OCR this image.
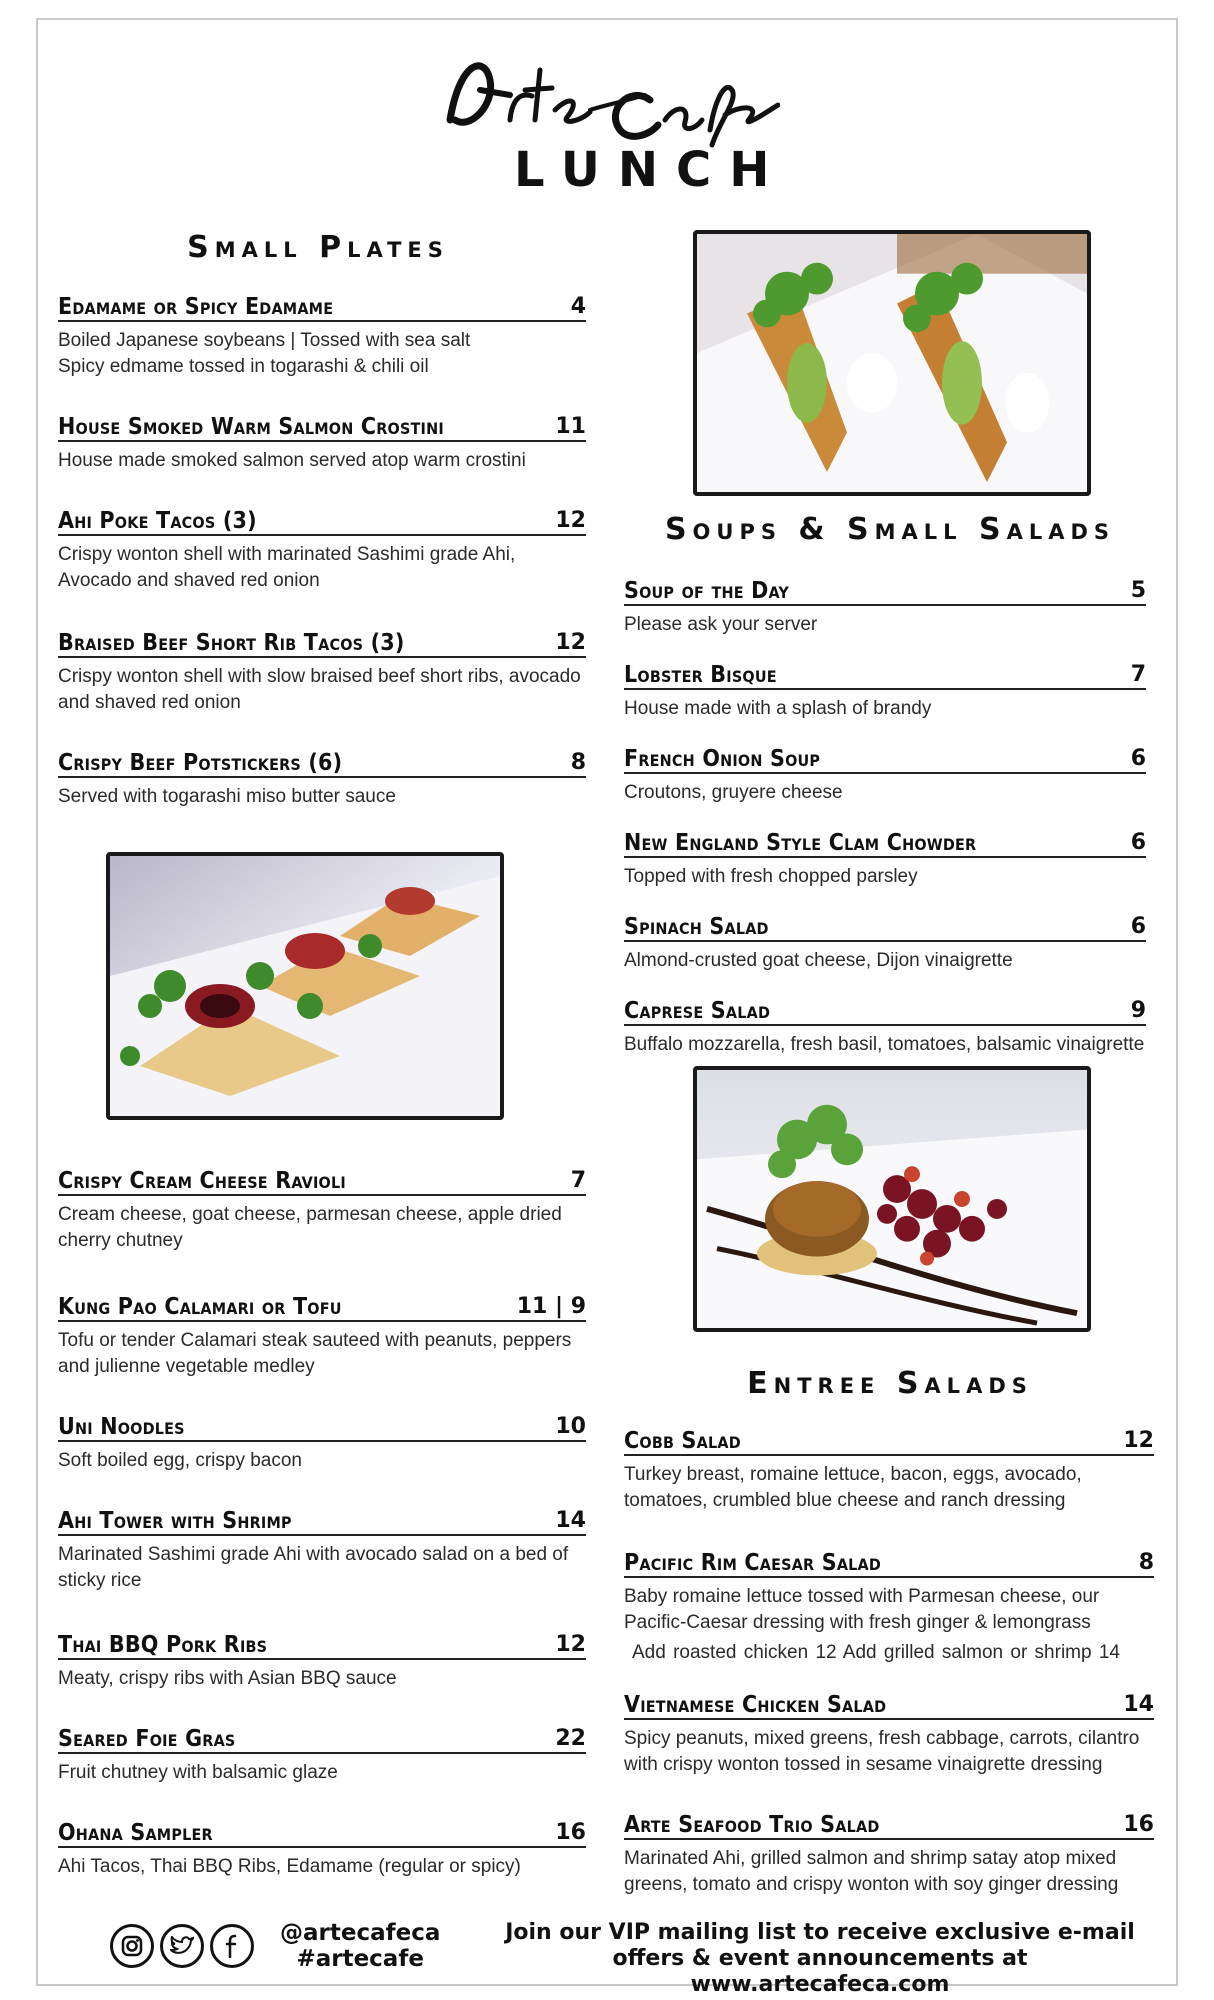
LUNCH
Small Plates
Edamame or Spicy Edamame	4
Boiled Japanese soybeans | Tossed with sea salt
Spicy edmame tossed in togarashi & chili oil
House Smoked Warm Salmon Crostini	11
House made smoked salmon served atop warm crostini
Ahi Poke Tacos (3)	12
Crispy wonton shell with marinated Sashimi grade Ahi,
Avocado and shaved red onion
Braised Beef Short Rib Tacos (3)	12
Crispy wonton shell with slow braised beef short ribs, avocado
and shaved red onion
Crispy Beef Potstickers (6)	8
Served with togarashi miso butter sauce
Crispy Cream Cheese Ravioli	7
Cream cheese, goat cheese, parmesan cheese, apple dried
cherry chutney
Kung Pao Calamari or Tofu	11 | 9
Tofu or tender Calamari steak sauteed with peanuts, peppers
and julienne vegetable medley
Uni Noodles	10
Soft boiled egg, crispy bacon
Ahi Tower with Shrimp	14
Marinated Sashimi grade Ahi with avocado salad on a bed of
sticky rice
Thai BBQ Pork Ribs	12
Meaty, crispy ribs with Asian BBQ sauce
Seared Foie Gras	22
Fruit chutney with balsamic glaze
Ohana Sampler	16
Ahi Tacos, Thai BBQ Ribs, Edamame (regular or spicy)
Soups & Small Salads
Soup of the Day	5
Please ask your server
Lobster Bisque	7
House made with a splash of brandy
French Onion Soup	6
Croutons, gruyere cheese
New England Style Clam Chowder	6
Topped with fresh chopped parsley
Spinach Salad	6
Almond-crusted goat cheese, Dijon vinaigrette
Caprese Salad	9
Buffalo mozzarella, fresh basil, tomatoes, balsamic vinaigrette
Entree Salads
Cobb Salad	12
Turkey breast, romaine lettuce, bacon, eggs, avocado,
tomatoes, crumbled blue cheese and ranch dressing
Pacific Rim Caesar Salad	8
Baby romaine lettuce tossed with Parmesan cheese, our
Pacific-Caesar dressing with fresh ginger & lemongrass
Add roasted chicken 12 Add grilled salmon or shrimp 14
Vietnamese Chicken Salad	14
Spicy peanuts, mixed greens, fresh cabbage, carrots, cilantro
with crispy wonton tossed in sesame vinaigrette dressing
Arte Seafood Trio Salad	16
Marinated Ahi, grilled salmon and shrimp satay atop mixed
greens, tomato and crispy wonton with soy ginger dressing
@artecafeca
#artecafe
Join our VIP mailing list to receive exclusive e-mail
offers & event announcements at www.artecafeca.com
